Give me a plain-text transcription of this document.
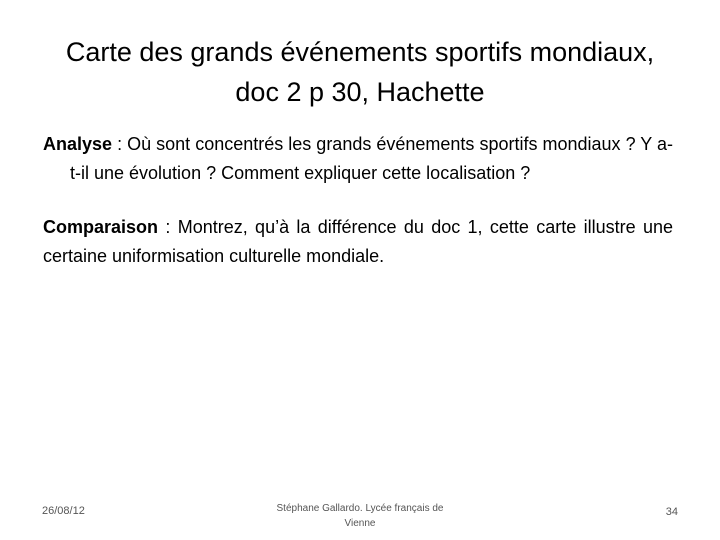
Carte des grands événements sportifs mondiaux,
doc 2 p 30, Hachette

Analyse : Où sont concentrés les grands événements sportifs mondiaux ? Y a-t-il une évolution ? Comment expliquer cette localisation ?

Comparaison : Montrez, qu’à la différence du doc 1, cette carte illustre une certaine uniformisation culturelle mondiale.

26/08/12	Stéphane Gallardo. Lycée français de
Vienne
34
